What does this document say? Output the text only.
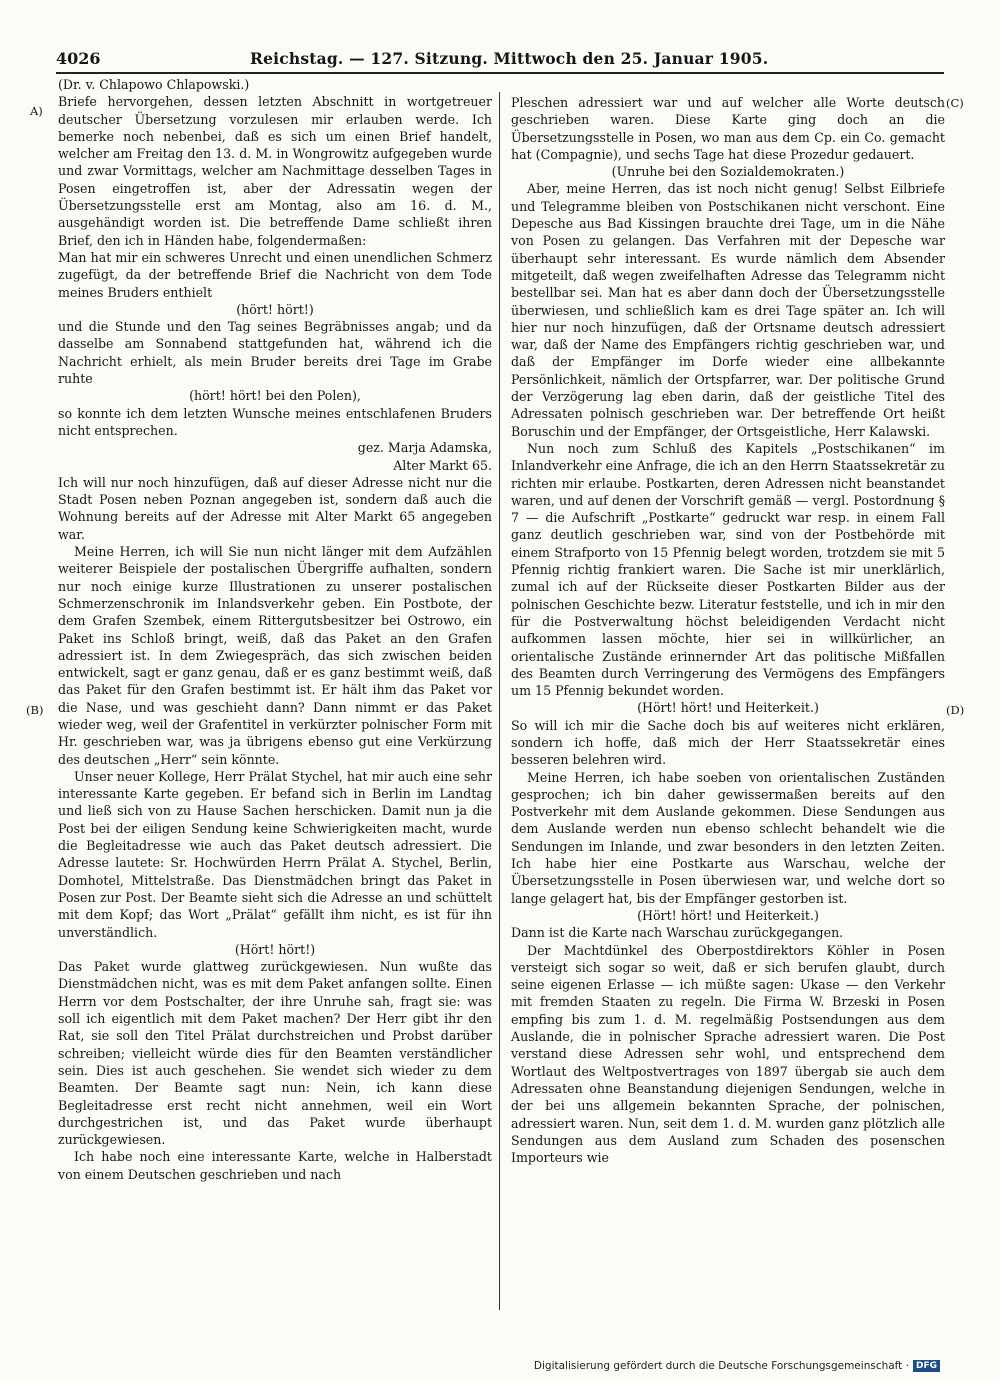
4026	Reichstag. — 127. Sitzung. Mittwoch den 25. Januar 1905.
A)
(B)
(C)
(D)

(Dr. v. Chlapowo Chlapowski.)

Briefe hervorgehen, dessen letzten Abschnitt in wortgetreuer deutscher Übersetzung vorzulesen mir erlauben werde. Ich bemerke noch nebenbei, daß es sich um einen Brief handelt, welcher am Freitag den 13. d. M. in Wongrowitz aufgegeben wurde und zwar Vormittags, welcher am Nachmittage desselben Tages in Posen eingetroffen ist, aber der Adressatin wegen der Übersetzungsstelle erst am Montag, also am 16. d. M., ausgehändigt worden ist. Die betreffende Dame schließt ihren Brief, den ich in Händen habe, folgendermaßen:

Man hat mir ein schweres Unrecht und einen unendlichen Schmerz zugefügt, da der betreffende Brief die Nachricht von dem Tode meines Bruders enthielt

(hört! hört!)

und die Stunde und den Tag seines Begräbnisses angab; und da dasselbe am Sonnabend stattgefunden hat, während ich die Nachricht erhielt, als mein Bruder bereits drei Tage im Grabe ruhte

(hört! hört! bei den Polen),

so konnte ich dem letzten Wunsche meines entschlafenen Bruders nicht entsprechen.

gez. Marja Adamska,

Alter Markt 65.

Ich will nur noch hinzufügen, daß auf dieser Adresse nicht nur die Stadt Posen neben Poznan angegeben ist, sondern daß auch die Wohnung bereits auf der Adresse mit Alter Markt 65 angegeben war.

Meine Herren, ich will Sie nun nicht länger mit dem Aufzählen weiterer Beispiele der postalischen Übergriffe aufhalten, sondern nur noch einige kurze Illustrationen zu unserer postalischen Schmerzenschronik im Inlandsverkehr geben. Ein Postbote, der dem Grafen Szembek, einem Rittergutsbesitzer bei Ostrowo, ein Paket ins Schloß bringt, weiß, daß das Paket an den Grafen adressiert ist. In dem Zwiegespräch, das sich zwischen beiden entwickelt, sagt er ganz genau, daß er es ganz bestimmt weiß, daß das Paket für den Grafen bestimmt ist. Er hält ihm das Paket vor die Nase, und was geschieht dann? Dann nimmt er das Paket wieder weg, weil der Grafentitel in verkürzter polnischer Form mit Hr. geschrieben war, was ja übrigens ebenso gut eine Verkürzung des deutschen „Herr“ sein könnte.

Unser neuer Kollege, Herr Prälat Stychel, hat mir auch eine sehr interessante Karte gegeben. Er befand sich in Berlin im Landtag und ließ sich von zu Hause Sachen herschicken. Damit nun ja die Post bei der eiligen Sendung keine Schwierigkeiten macht, wurde die Begleitadresse wie auch das Paket deutsch adressiert. Die Adresse lautete: Sr. Hochwürden Herrn Prälat A. Stychel, Berlin, Domhotel, Mittelstraße. Das Dienstmädchen bringt das Paket in Posen zur Post. Der Beamte sieht sich die Adresse an und schüttelt mit dem Kopf; das Wort „Prälat“ gefällt ihm nicht, es ist für ihn unverständlich.

(Hört! hört!)

Das Paket wurde glattweg zurückgewiesen. Nun wußte das Dienstmädchen nicht, was es mit dem Paket anfangen sollte. Einen Herrn vor dem Postschalter, der ihre Unruhe sah, fragt sie: was soll ich eigentlich mit dem Paket machen? Der Herr gibt ihr den Rat, sie soll den Titel Prälat durchstreichen und Probst darüber schreiben; vielleicht würde dies für den Beamten verständlicher sein. Dies ist auch geschehen. Sie wendet sich wieder zu dem Beamten. Der Beamte sagt nun: Nein, ich kann diese Begleitadresse erst recht nicht annehmen, weil ein Wort durchgestrichen ist, und das Paket wurde überhaupt zurückgewiesen.

Ich habe noch eine interessante Karte, welche in Halberstadt von einem Deutschen geschrieben und nach

Pleschen adressiert war und auf welcher alle Worte deutsch geschrieben waren. Diese Karte ging doch an die Übersetzungsstelle in Posen, wo man aus dem Cp. ein Co. gemacht hat (Compagnie), und sechs Tage hat diese Prozedur gedauert.

(Unruhe bei den Sozialdemokraten.)

Aber, meine Herren, das ist noch nicht genug! Selbst Eilbriefe und Telegramme bleiben von Postschikanen nicht verschont. Eine Depesche aus Bad Kissingen brauchte drei Tage, um in die Nähe von Posen zu gelangen. Das Verfahren mit der Depesche war überhaupt sehr interessant. Es wurde nämlich dem Absender mitgeteilt, daß wegen zweifelhaften Adresse das Telegramm nicht bestellbar sei. Man hat es aber dann doch der Übersetzungsstelle überwiesen, und schließlich kam es drei Tage später an. Ich will hier nur noch hinzufügen, daß der Ortsname deutsch adressiert war, daß der Name des Empfängers richtig geschrieben war, und daß der Empfänger im Dorfe wieder eine allbekannte Persönlichkeit, nämlich der Ortspfarrer, war. Der politische Grund der Verzögerung lag eben darin, daß der geistliche Titel des Adressaten polnisch geschrieben war. Der betreffende Ort heißt Boruschin und der Empfänger, der Ortsgeistliche, Herr Kalawski.

Nun noch zum Schluß des Kapitels „Postschikanen“ im Inlandverkehr eine Anfrage, die ich an den Herrn Staatssekretär zu richten mir erlaube. Postkarten, deren Adressen nicht beanstandet waren, und auf denen der Vorschrift gemäß — vergl. Postordnung § 7 — die Aufschrift „Postkarte“ gedruckt war resp. in einem Fall ganz deutlich geschrieben war, sind von der Postbehörde mit einem Strafporto von 15 Pfennig belegt worden, trotzdem sie mit 5 Pfennig richtig frankiert waren. Die Sache ist mir unerklärlich, zumal ich auf der Rückseite dieser Postkarten Bilder aus der polnischen Geschichte bezw. Literatur feststelle, und ich in mir den für die Postverwaltung höchst beleidigenden Verdacht nicht aufkommen lassen möchte, hier sei in willkürlicher, an orientalische Zustände erinnernder Art das politische Mißfallen des Beamten durch Verringerung des Vermögens des Empfängers um 15 Pfennig bekundet worden.

(Hört! hört! und Heiterkeit.)

So will ich mir die Sache doch bis auf weiteres nicht erklären, sondern ich hoffe, daß mich der Herr Staatssekretär eines besseren belehren wird.

Meine Herren, ich habe soeben von orientalischen Zuständen gesprochen; ich bin daher gewissermaßen bereits auf den Postverkehr mit dem Auslande gekommen. Diese Sendungen aus dem Auslande werden nun ebenso schlecht behandelt wie die Sendungen im Inlande, und zwar besonders in den letzten Zeiten. Ich habe hier eine Postkarte aus Warschau, welche der Übersetzungsstelle in Posen überwiesen war, und welche dort so lange gelagert hat, bis der Empfänger gestorben ist.

(Hört! hört! und Heiterkeit.)

Dann ist die Karte nach Warschau zurückgegangen.

Der Machtdünkel des Oberpostdirektors Köhler in Posen versteigt sich sogar so weit, daß er sich berufen glaubt, durch seine eigenen Erlasse — ich müßte sagen: Ukase — den Verkehr mit fremden Staaten zu regeln. Die Firma W. Brzeski in Posen empfing bis zum 1. d. M. regelmäßig Postsendungen aus dem Auslande, die in polnischer Sprache adressiert waren. Die Post verstand diese Adressen sehr wohl, und entsprechend dem Wortlaut des Weltpostvertrages von 1897 übergab sie auch dem Adressaten ohne Beanstandung diejenigen Sendungen, welche in der bei uns allgemein bekannten Sprache, der polnischen, adressiert waren. Nun, seit dem 1. d. M. wurden ganz plötzlich alle Sendungen aus dem Ausland zum Schaden des posenschen Importeurs wie

Digitalisierung gefördert durch die Deutsche Forschungsgemeinschaft · DFG
